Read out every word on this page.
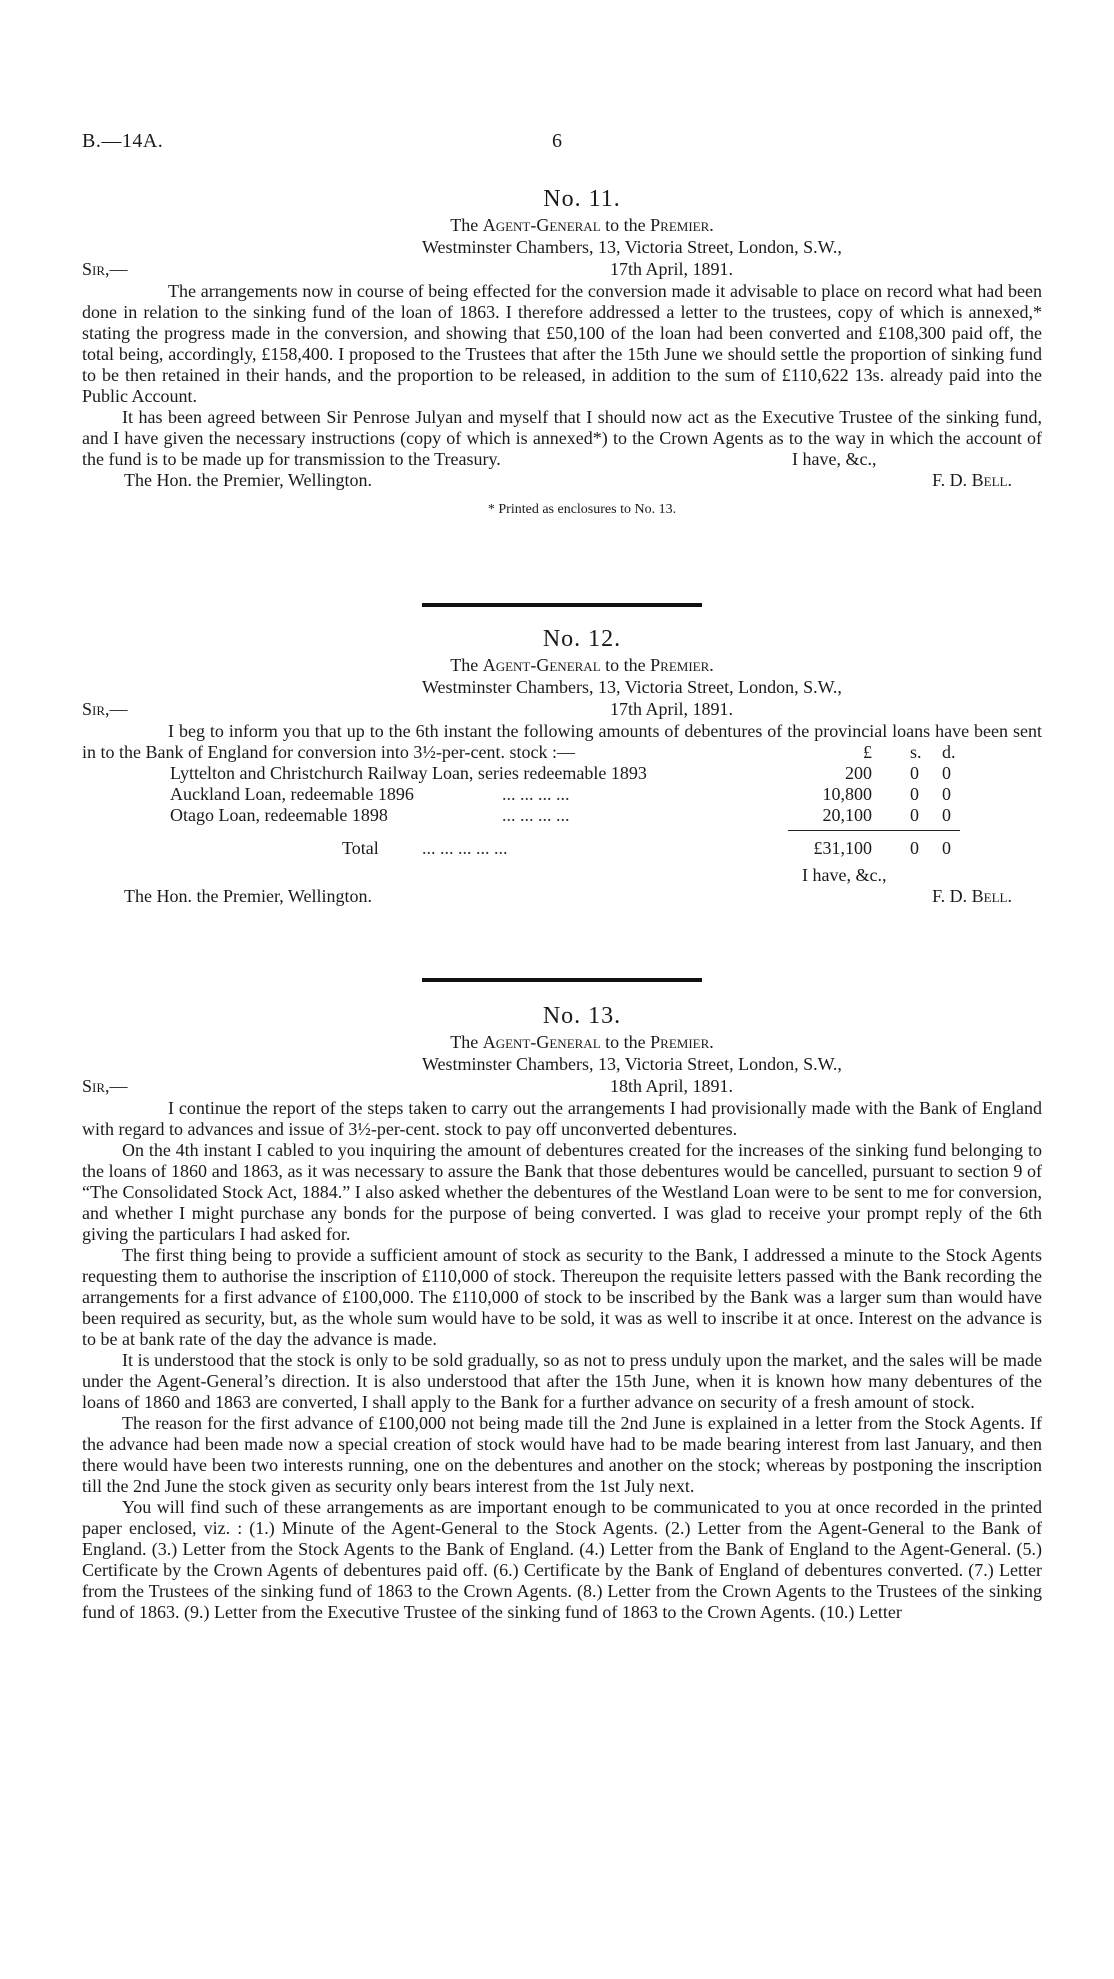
B.—14A.	6
No. 11.
The Agent-General to the Premier.
Westminster Chambers, 13, Victoria Street, London, S.W.,
Sir,—	17th April, 1891.

The arrangements now in course of being effected for the conversion made it advisable to place on record what had been done in relation to the sinking fund of the loan of 1863. I therefore addressed a letter to the trustees, copy of which is annexed,* stating the progress made in the conversion, and showing that £50,100 of the loan had been converted and £108,300 paid off, the total being, accordingly, £158,400. I proposed to the Trustees that after the 15th June we should settle the proportion of sinking fund to be then retained in their hands, and the proportion to be released, in addition to the sum of £110,622 13s. already paid into the Public Account.

It has been agreed between Sir Penrose Julyan and myself that I should now act as the Executive Trustee of the sinking fund, and I have given the necessary instructions (copy of which is annexed*) to the Crown Agents as to the way in which the account of the fund is to be made up for transmission to the Treasury.	I have, &c.,
The Hon. the Premier, Wellington.	F. D. Bell.
* Printed as enclosures to No. 13.
No. 12.
The Agent-General to the Premier.
Westminster Chambers, 13, Victoria Street, London, S.W.,
Sir,—	17th April, 1891.

I beg to inform you that up to the 6th instant the following amounts of debentures of the provincial loans have been sent in to the Bank of England for conversion into 3½-per-cent. stock :—	£ s. d.
Lyttelton and Christchurch Railway Loan, series redeemable 1893	200 0 0
Auckland Loan, redeemable 1896	... ... ... ...	10,800 0 0
Otago Loan, redeemable 1898	... ... ... ...	20,100 0 0
Total ... ... ... ... ...	£31,100 0 0
I have, &c.,
The Hon. the Premier, Wellington.	F. D. Bell.
No. 13.
The Agent-General to the Premier.
Westminster Chambers, 13, Victoria Street, London, S.W.,
Sir,—	18th April, 1891.

I continue the report of the steps taken to carry out the arrangements I had provisionally made with the Bank of England with regard to advances and issue of 3½-per-cent. stock to pay off unconverted debentures.

On the 4th instant I cabled to you inquiring the amount of debentures created for the increases of the sinking fund belonging to the loans of 1860 and 1863, as it was necessary to assure the Bank that those debentures would be cancelled, pursuant to section 9 of “The Consolidated Stock Act, 1884.” I also asked whether the debentures of the Westland Loan were to be sent to me for conversion, and whether I might purchase any bonds for the purpose of being converted. I was glad to receive your prompt reply of the 6th giving the particulars I had asked for.

The first thing being to provide a sufficient amount of stock as security to the Bank, I addressed a minute to the Stock Agents requesting them to authorise the inscription of £110,000 of stock. Thereupon the requisite letters passed with the Bank recording the arrangements for a first advance of £100,000. The £110,000 of stock to be inscribed by the Bank was a larger sum than would have been required as security, but, as the whole sum would have to be sold, it was as well to inscribe it at once. Interest on the advance is to be at bank rate of the day the advance is made.

It is understood that the stock is only to be sold gradually, so as not to press unduly upon the market, and the sales will be made under the Agent-General’s direction. It is also understood that after the 15th June, when it is known how many debentures of the loans of 1860 and 1863 are converted, I shall apply to the Bank for a further advance on security of a fresh amount of stock.

The reason for the first advance of £100,000 not being made till the 2nd June is explained in a letter from the Stock Agents. If the advance had been made now a special creation of stock would have had to be made bearing interest from last January, and then there would have been two interests running, one on the debentures and another on the stock; whereas by postponing the inscription till the 2nd June the stock given as security only bears interest from the 1st July next.

You will find such of these arrangements as are important enough to be communicated to you at once recorded in the printed paper enclosed, viz. : (1.) Minute of the Agent-General to the Stock Agents. (2.) Letter from the Agent-General to the Bank of England. (3.) Letter from the Stock Agents to the Bank of England. (4.) Letter from the Bank of England to the Agent-General. (5.) Certificate by the Crown Agents of debentures paid off. (6.) Certificate by the Bank of England of debentures converted. (7.) Letter from the Trustees of the sinking fund of 1863 to the Crown Agents. (8.) Letter from the Crown Agents to the Trustees of the sinking fund of 1863. (9.) Letter from the Executive Trustee of the sinking fund of 1863 to the Crown Agents. (10.) Letter
